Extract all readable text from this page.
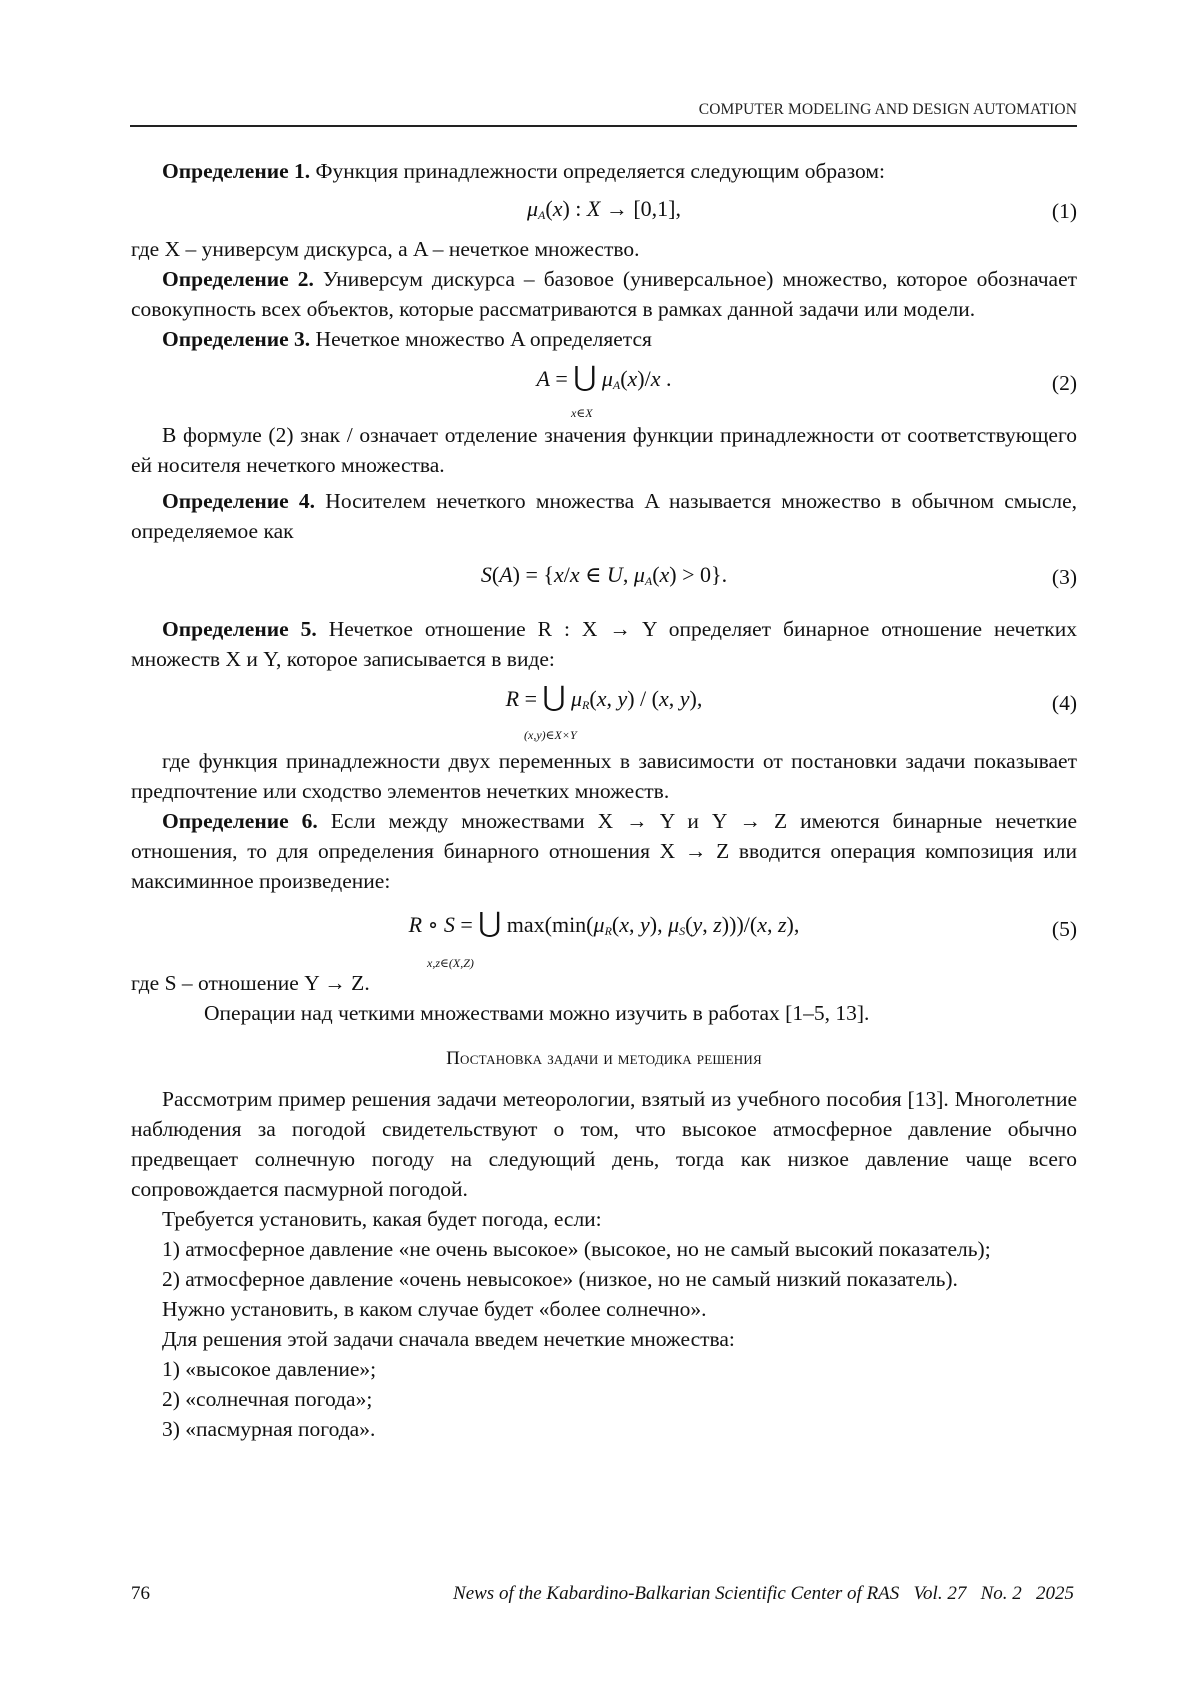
COMPUTER MODELING AND DESIGN AUTOMATION

Определение 1. Функция принадлежности определяется следующим образом:

μA(x) : X → [0,1],	(1)

где X – универсум дискурса, а A – нечеткое множество.

Определение 2. Универсум дискурса – базовое (универсальное) множество, которое обозначает совокупность всех объектов, которые рассматриваются в рамках данной задачи или модели.

Определение 3. Нечеткое множество A определяется

A = ⋃ μA(x)/x .
x∈X
(2)

В формуле (2) знак / означает отделение значения функции принадлежности от соответствующего ей носителя нечеткого множества.

Определение 4. Носителем нечеткого множества A называется множество в обычном смысле, определяемое как

S(A) = {x/x ∈ U, μA(x) > 0}.	(3)

Определение 5. Нечеткое отношение R : X → Y определяет бинарное отношение нечетких множеств X и Y, которое записывается в виде:

R = ⋃ μR(x, y) / (x, y),
(x,y)∈X×Y
(4)

где функция принадлежности двух переменных в зависимости от постановки задачи показывает предпочтение или сходство элементов нечетких множеств.

Определение 6. Если между множествами X → Y и Y → Z имеются бинарные нечеткие отношения, то для определения бинарного отношения X → Z вводится операция композиция или максиминное произведение:

R ∘ S = ⋃ max(min(μR(x, y), μS(y, z)))/(x, z),
x,z∈(X,Z)
(5)

где S – отношение Y → Z.

Операции над четкими множествами можно изучить в работах [1–5, 13].

Постановка задачи и методика решения

Рассмотрим пример решения задачи метеорологии, взятый из учебного пособия [13]. Многолетние наблюдения за погодой свидетельствуют о том, что высокое атмосферное давление обычно предвещает солнечную погоду на следующий день, тогда как низкое давление чаще всего сопровождается пасмурной погодой.

Требуется установить, какая будет погода, если:

1) атмосферное давление «не очень высокое» (высокое, но не самый высокий показатель);

2) атмосферное давление «очень невысокое» (низкое, но не самый низкий показатель).

Нужно установить, в каком случае будет «более солнечно».

Для решения этой задачи сначала введем нечеткие множества:

1) «высокое давление»;

2) «солнечная погода»;

3) «пасмурная погода».

76	News of the Kabardino-Balkarian Scientific Center of RAS   Vol. 27   No. 2   2025
